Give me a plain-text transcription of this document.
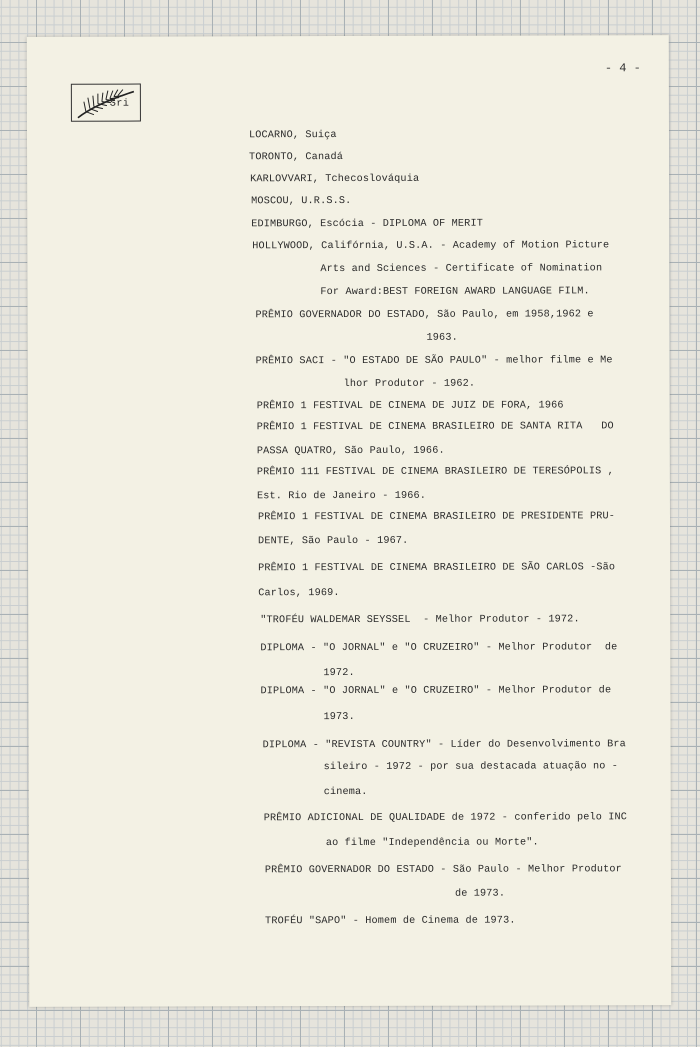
- 4 -
Sri
LOCARNO, Suiça
TORONTO, Canadá
KARLOVVARI, Tchecoslováquia
MOSCOU, U.R.S.S.
EDIMBURGO, Escócia - DIPLOMA OF MERIT
HOLLYWOOD, Califórnia, U.S.A. - Academy of Motion Picture
Arts and Sciences - Certificate of Nomination
For Award:BEST FOREIGN AWARD LANGUAGE FILM.
PRÊMIO GOVERNADOR DO ESTADO, São Paulo, em 1958,1962 e
1963.
PRÊMIO SACI - "O ESTADO DE SÃO PAULO" - melhor filme e Me
lhor Produtor - 1962.
PRÊMIO 1 FESTIVAL DE CINEMA DE JUIZ DE FORA, 1966
PRÊMIO 1 FESTIVAL DE CINEMA BRASILEIRO DE SANTA RITA   DO
PASSA QUATRO, São Paulo, 1966.
PRÊMIO 111 FESTIVAL DE CINEMA BRASILEIRO DE TERESÓPOLIS ,
Est. Rio de Janeiro - 1966.
PRÊMIO 1 FESTIVAL DE CINEMA BRASILEIRO DE PRESIDENTE PRU-
DENTE, São Paulo - 1967.
PRÊMIO 1 FESTIVAL DE CINEMA BRASILEIRO DE SÃO CARLOS -São
Carlos, 1969.
"TROFÉU WALDEMAR SEYSSEL  - Melhor Produtor - 1972.
DIPLOMA - "O JORNAL" e "O CRUZEIRO" - Melhor Produtor  de
1972.
DIPLOMA - "O JORNAL" e "O CRUZEIRO" - Melhor Produtor de
1973.
DIPLOMA - "REVISTA COUNTRY" - Líder do Desenvolvimento Bra
sileiro - 1972 - por sua destacada atuação no -
cinema.
PRÊMIO ADICIONAL DE QUALIDADE de 1972 - conferido pelo INC
ao filme "Independência ou Morte".
PRÊMIO GOVERNADOR DO ESTADO - São Paulo - Melhor Produtor
de 1973.
TROFÉU "SAPO" - Homem de Cinema de 1973.
